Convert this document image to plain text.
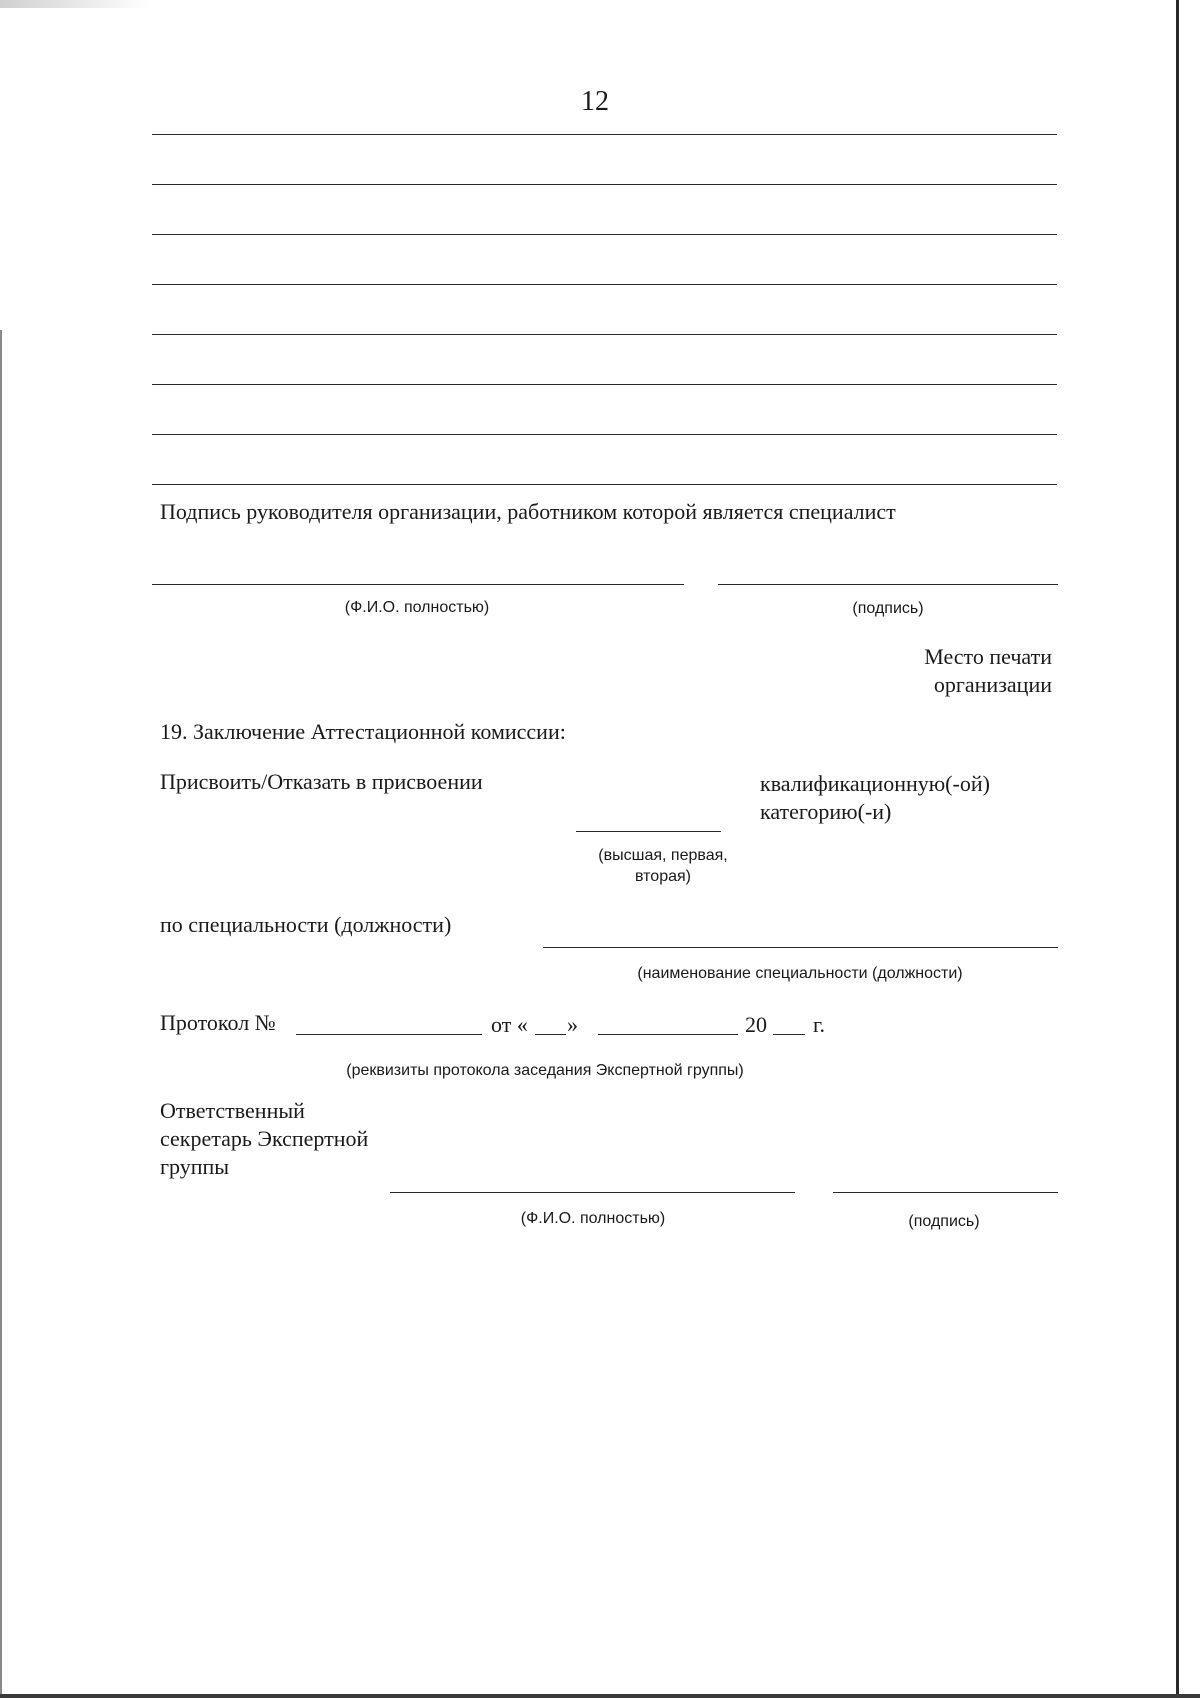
12
Подпись руководителя организации, работником которой является специалист
(Ф.И.О. полностью)	(подпись)
Место печати
организации
19. Заключение Аттестационной комиссии:
Присвоить/Отказать в присвоении	квалификационную(-ой)
категорию(-и)
(высшая, первая,
вторая)
по специальности (должности)
(наименование специальности (должности)
Протокол №	от « »	20 г.
(реквизиты протокола заседания Экспертной группы)
Ответственный
секретарь Экспертной
группы
(Ф.И.О. полностью)	(подпись)
